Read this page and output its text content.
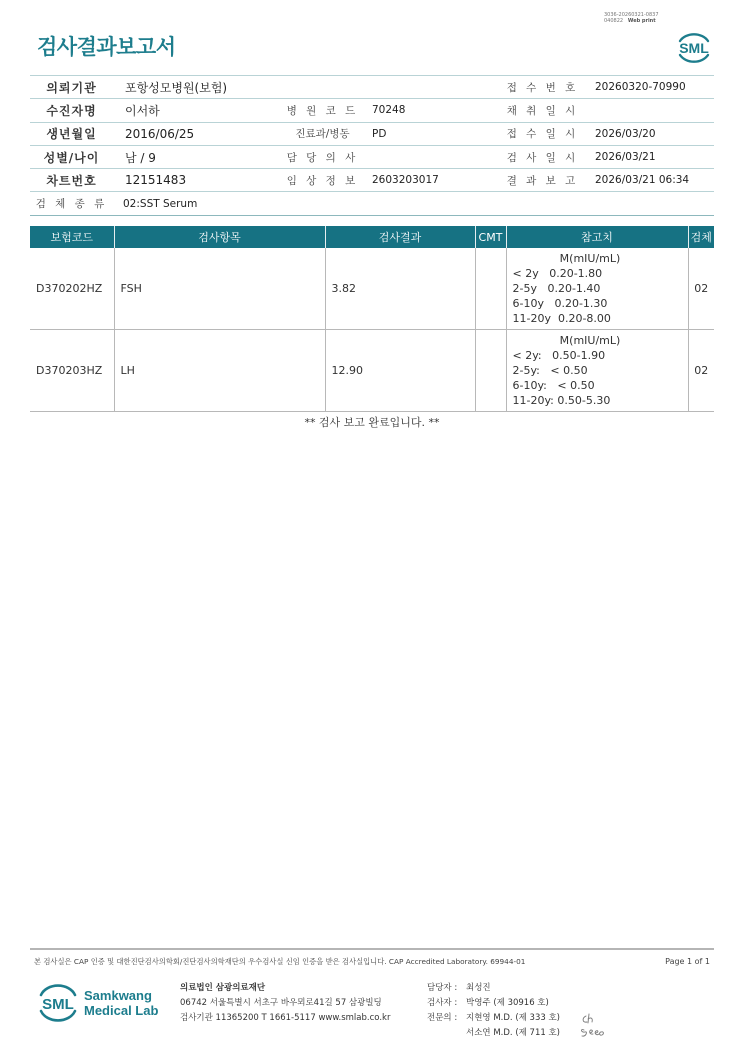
3036-20260321-0837
040822 Web print
검사결과보고서	SML
의뢰기관	포항성모병원(보험)			접 수 번 호	20260320-70990
수진자명	이서하	병 원 코 드	70248	채 취 일 시	
생년월일	2016/06/25	진료과/병동	PD	접 수 일 시	2026/03/20
성별/나이	남 / 9	담 당 의 사		검 사 일 시	2026/03/21
차트번호	12151483	임 상 정 보	2603203017	결 과 보 고	2026/03/21 06:34
검 체 종 류	02:SST Serum				
보험코드	검사항목	검사결과	CMT	참고치	검체
D370202HZ	FSH	3.82		M(mIU/mL)
< 2y   0.20-1.80
2-5y   0.20-1.40
6-10y   0.20-1.30
11-20y  0.20-8.00	02
D370203HZ	LH	12.90		M(mIU/mL)
< 2y:   0.50-1.90
2-5y:   < 0.50
6-10y:   < 0.50
11-20y: 0.50-5.30	02
** 검사 보고 완료입니다. **
본 검사실은 CAP 인증 및 대한진단검사의학회/진단검사의학재단의 우수검사실 신임 인증을 받은 검사실입니다. CAP Accredited Laboratory. 69944-01	Page 1 of 1
SML
Samkwang
Medical Lab
의료법인 삼광의료재단
06742 서울특별시 서초구 바우뫼로41길 57 삼광빌딩
검사기관 11365200 T 1661-5117 www.smlab.co.kr
담당자 :	최성진
검사자 :	박영주 (제 30916 호)
전문의 :	지현영 M.D. (제 333 호)
서소연 M.D. (제 711 호)
